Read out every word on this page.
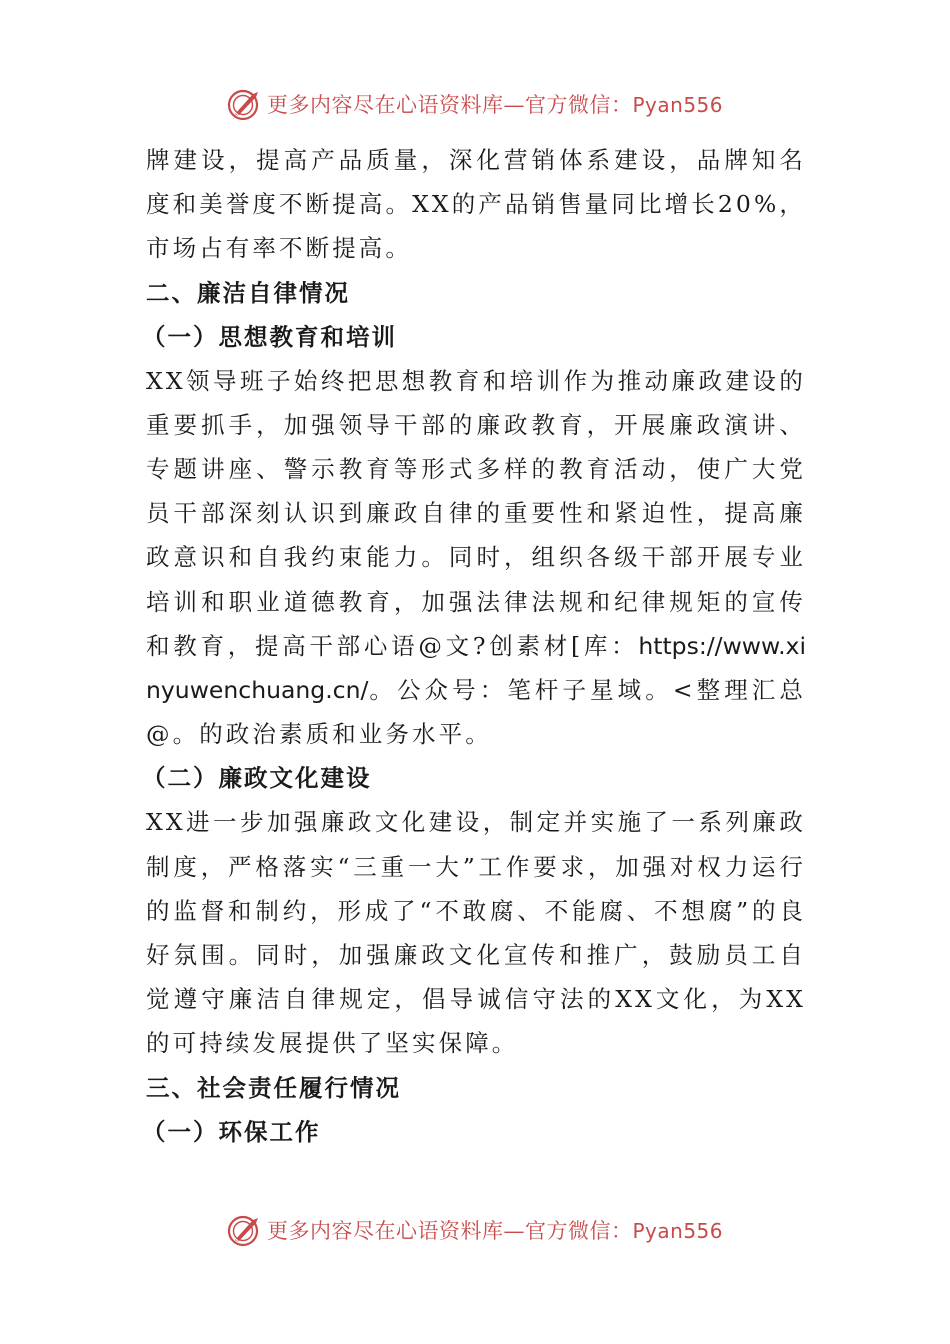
更多内容尽在心语资料库—官方微信：Pyan556

牌建设，提高产品质量，深化营销体系建设，品牌知名度和美誉度不断提高。XX的产品销售量同比增长20%，市场占有率不断提高。

二、廉洁自律情况

（一）思想教育和培训

XX领导班子始终把思想教育和培训作为推动廉政建设的重要抓手，加强领导干部的廉政教育，开展廉政演讲、专题讲座、警示教育等形式多样的教育活动，使广大党员干部深刻认识到廉政自律的重要性和紧迫性，提高廉政意识和自我约束能力。同时，组织各级干部开展专业培训和职业道德教育，加强法律法规和纪律规矩的宣传和教育，提高干部心语@文?创素材[库：https://www.xinyuwenchuang.cn/。公众号：笔杆子星域。<整理汇总@。的政治素质和业务水平。

（二）廉政文化建设

XX进一步加强廉政文化建设，制定并实施了一系列廉政制度，严格落实“三重一大”工作要求，加强对权力运行的监督和制约，形成了“不敢腐、不能腐、不想腐”的良好氛围。同时，加强廉政文化宣传和推广，鼓励员工自觉遵守廉洁自律规定，倡导诚信守法的XX文化，为XX的可持续发展提供了坚实保障。

三、社会责任履行情况

（一）环保工作

更多内容尽在心语资料库—官方微信：Pyan556
